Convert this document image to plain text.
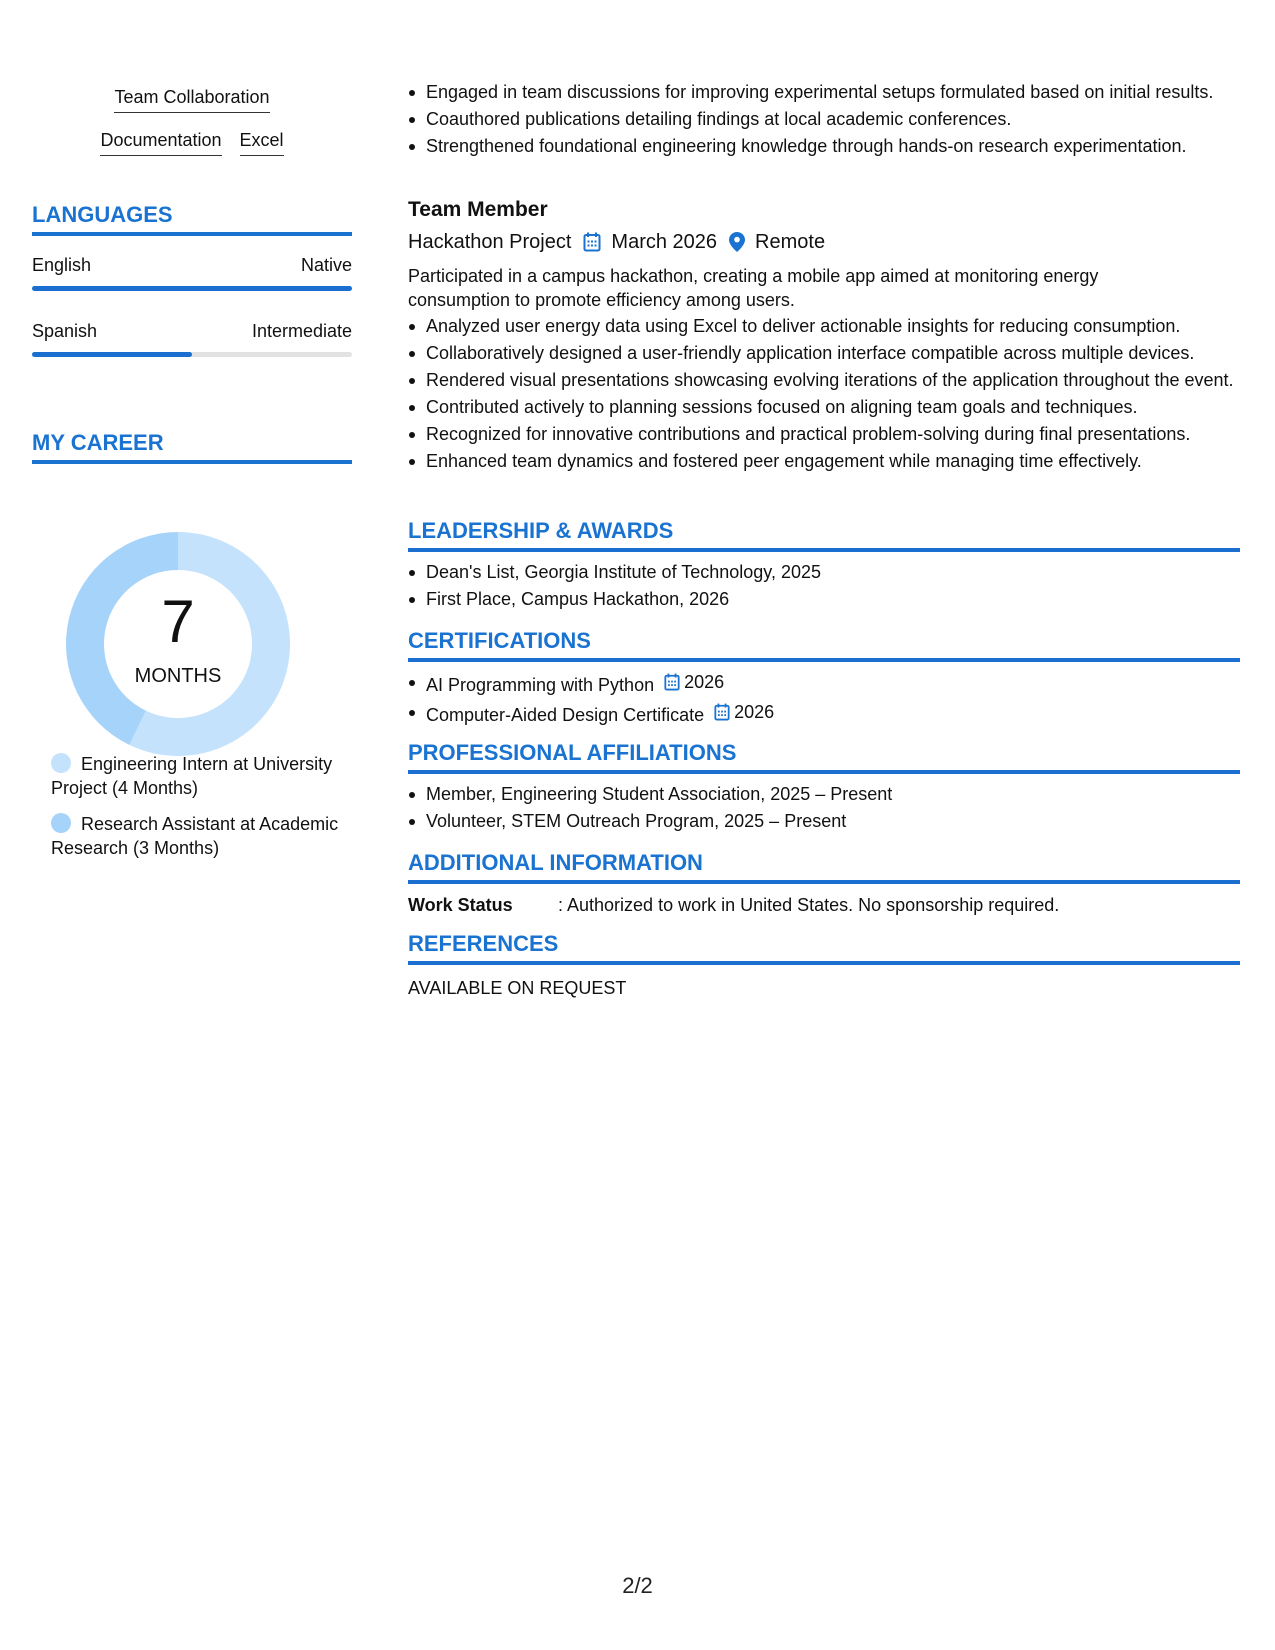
Team Collaboration
Documentation Excel
LANGUAGES
English	Native
Spanish	Intermediate
MY CAREER
7
MONTHS
Engineering Intern at University Project (4 Months)
Research Assistant at Academic Research (3 Months)
Engaged in team discussions for improving experimental setups formulated based on initial results.
Coauthored publications detailing findings at local academic conferences.
Strengthened foundational engineering knowledge through hands-on research experimentation.
Team Member
Hackathon Project March 2026 Remote
Participated in a campus hackathon, creating a mobile app aimed at monitoring energy consumption to promote efficiency among users.
Analyzed user energy data using Excel to deliver actionable insights for reducing consumption.
Collaboratively designed a user-friendly application interface compatible across multiple devices.
Rendered visual presentations showcasing evolving iterations of the application throughout the event.
Contributed actively to planning sessions focused on aligning team goals and techniques.
Recognized for innovative contributions and practical problem-solving during final presentations.
Enhanced team dynamics and fostered peer engagement while managing time effectively.
LEADERSHIP & AWARDS
Dean's List, Georgia Institute of Technology, 2025
First Place, Campus Hackathon, 2026
CERTIFICATIONS
AI Programming with Python 2026
Computer-Aided Design Certificate 2026
PROFESSIONAL AFFILIATIONS
Member, Engineering Student Association, 2025 – Present
Volunteer, STEM Outreach Program, 2025 – Present
ADDITIONAL INFORMATION
Work Status	: Authorized to work in United States. No sponsorship required.
REFERENCES
AVAILABLE ON REQUEST
2/2
